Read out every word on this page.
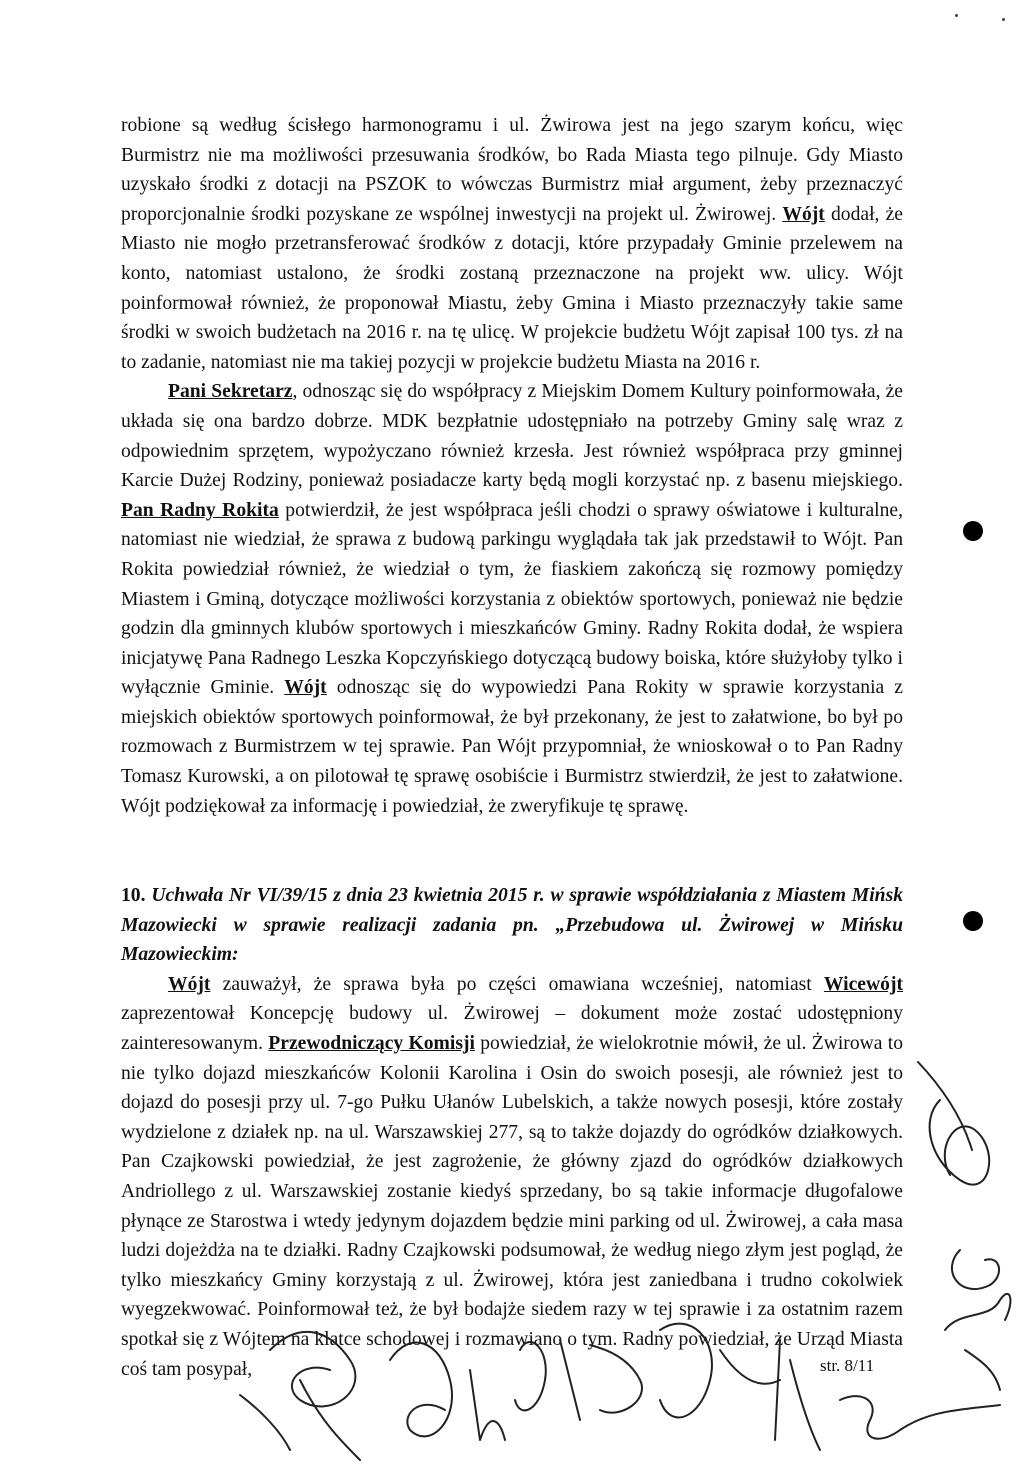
robione są według ścisłego harmonogramu i ul. Żwirowa jest na jego szarym końcu, więc Burmistrz nie ma możliwości przesuwania środków, bo Rada Miasta tego pilnuje. Gdy Miasto uzyskało środki z dotacji na PSZOK to wówczas Burmistrz miał argument, żeby przeznaczyć proporcjonalnie środki pozyskane ze wspólnej inwestycji na projekt ul. Żwirowej. Wójt dodał, że Miasto nie mogło przetransferować środków z dotacji, które przypadały Gminie przelewem na konto, natomiast ustalono, że środki zostaną przeznaczone na projekt ww. ulicy. Wójt poinformował również, że proponował Miastu, żeby Gmina i Miasto przeznaczyły takie same środki w swoich budżetach na 2016 r. na tę ulicę. W projekcie budżetu Wójt zapisał 100 tys. zł na to zadanie, natomiast nie ma takiej pozycji w projekcie budżetu Miasta na 2016 r.

Pani Sekretarz, odnosząc się do współpracy z Miejskim Domem Kultury poinformowała, że układa się ona bardzo dobrze. MDK bezpłatnie udostępniało na potrzeby Gminy salę wraz z odpowiednim sprzętem, wypożyczano również krzesła. Jest również współpraca przy gminnej Karcie Dużej Rodziny, ponieważ posiadacze karty będą mogli korzystać np. z basenu miejskiego. Pan Radny Rokita potwierdził, że jest współpraca jeśli chodzi o sprawy oświatowe i kulturalne, natomiast nie wiedział, że sprawa z budową parkingu wyglądała tak jak przedstawił to Wójt. Pan Rokita powiedział również, że wiedział o tym, że fiaskiem zakończą się rozmowy pomiędzy Miastem i Gminą, dotyczące możliwości korzystania z obiektów sportowych, ponieważ nie będzie godzin dla gminnych klubów sportowych i mieszkańców Gminy. Radny Rokita dodał, że wspiera inicjatywę Pana Radnego Leszka Kopczyńskiego dotyczącą budowy boiska, które służyłoby tylko i wyłącznie Gminie. Wójt odnosząc się do wypowiedzi Pana Rokity w sprawie korzystania z miejskich obiektów sportowych poinformował, że był przekonany, że jest to załatwione, bo był po rozmowach z Burmistrzem w tej sprawie. Pan Wójt przypomniał, że wnioskował o to Pan Radny Tomasz Kurowski, a on pilotował tę sprawę osobiście i Burmistrz stwierdził, że jest to załatwione. Wójt podziękował za informację i powiedział, że zweryfikuje tę sprawę.

10. Uchwała Nr VI/39/15 z dnia 23 kwietnia 2015 r. w sprawie współdziałania z Miastem Mińsk Mazowiecki w sprawie realizacji zadania pn. „Przebudowa ul. Żwirowej w Mińsku Mazowieckim:

Wójt zauważył, że sprawa była po części omawiana wcześniej, natomiast Wicewójt zaprezentował Koncepcję budowy ul. Żwirowej – dokument może zostać udostępniony zainteresowanym. Przewodniczący Komisji powiedział, że wielokrotnie mówił, że ul. Żwirowa to nie tylko dojazd mieszkańców Kolonii Karolina i Osin do swoich posesji, ale również jest to dojazd do posesji przy ul. 7-go Pułku Ułanów Lubelskich, a także nowych posesji, które zostały wydzielone z działek np. na ul. Warszawskiej 277, są to także dojazdy do ogródków działkowych. Pan Czajkowski powiedział, że jest zagrożenie, że główny zjazd do ogródków działkowych Andriollego z ul. Warszawskiej zostanie kiedyś sprzedany, bo są takie informacje długofalowe płynące ze Starostwa i wtedy jedynym dojazdem będzie mini parking od ul. Żwirowej, a cała masa ludzi dojeżdża na te działki. Radny Czajkowski podsumował, że według niego złym jest pogląd, że tylko mieszkańcy Gminy korzystają z ul. Żwirowej, która jest zaniedbana i trudno cokolwiek wyegzekwować. Poinformował też, że był bodajże siedem razy w tej sprawie i za ostatnim razem spotkał się z Wójtem na klatce schodowej i rozmawiano o tym. Radny powiedział, że Urząd Miasta coś tam posypał,	str. 8/11
